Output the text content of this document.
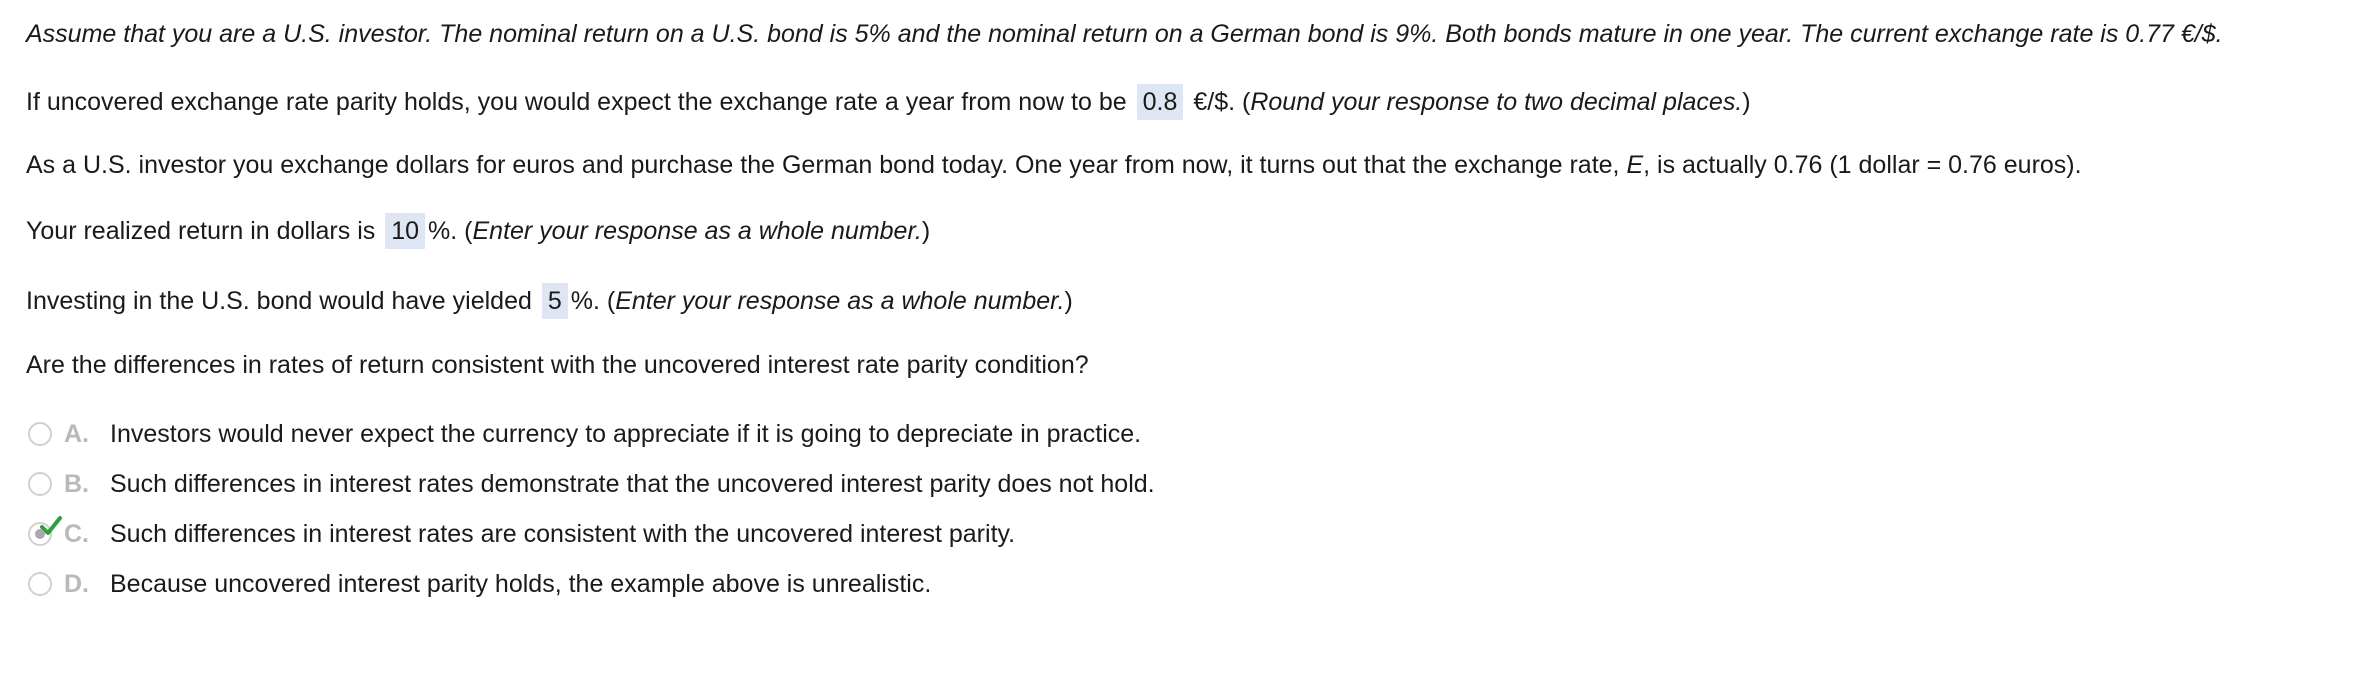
Assume that you are a U.S. investor. The nominal return on a U.S. bond is 5% and the nominal return on a German bond is 9%. Both bonds mature in one year. The current exchange rate is 0.77 €/$.
If uncovered exchange rate parity holds, you would expect the exchange rate a year from now to be 0.8 €/$. (Round your response to two decimal places.)
As a U.S. investor you exchange dollars for euros and purchase the German bond today. One year from now, it turns out that the exchange rate, E, is actually 0.76 (1 dollar = 0.76 euros).
Your realized return in dollars is 10 %. (Enter your response as a whole number.)
Investing in the U.S. bond would have yielded 5 %. (Enter your response as a whole number.)
Are the differences in rates of return consistent with the uncovered interest rate parity condition?
A. Investors would never expect the currency to appreciate if it is going to depreciate in practice.
B. Such differences in interest rates demonstrate that the uncovered interest parity does not hold.
C. Such differences in interest rates are consistent with the uncovered interest parity.
D. Because uncovered interest parity holds, the example above is unrealistic.
